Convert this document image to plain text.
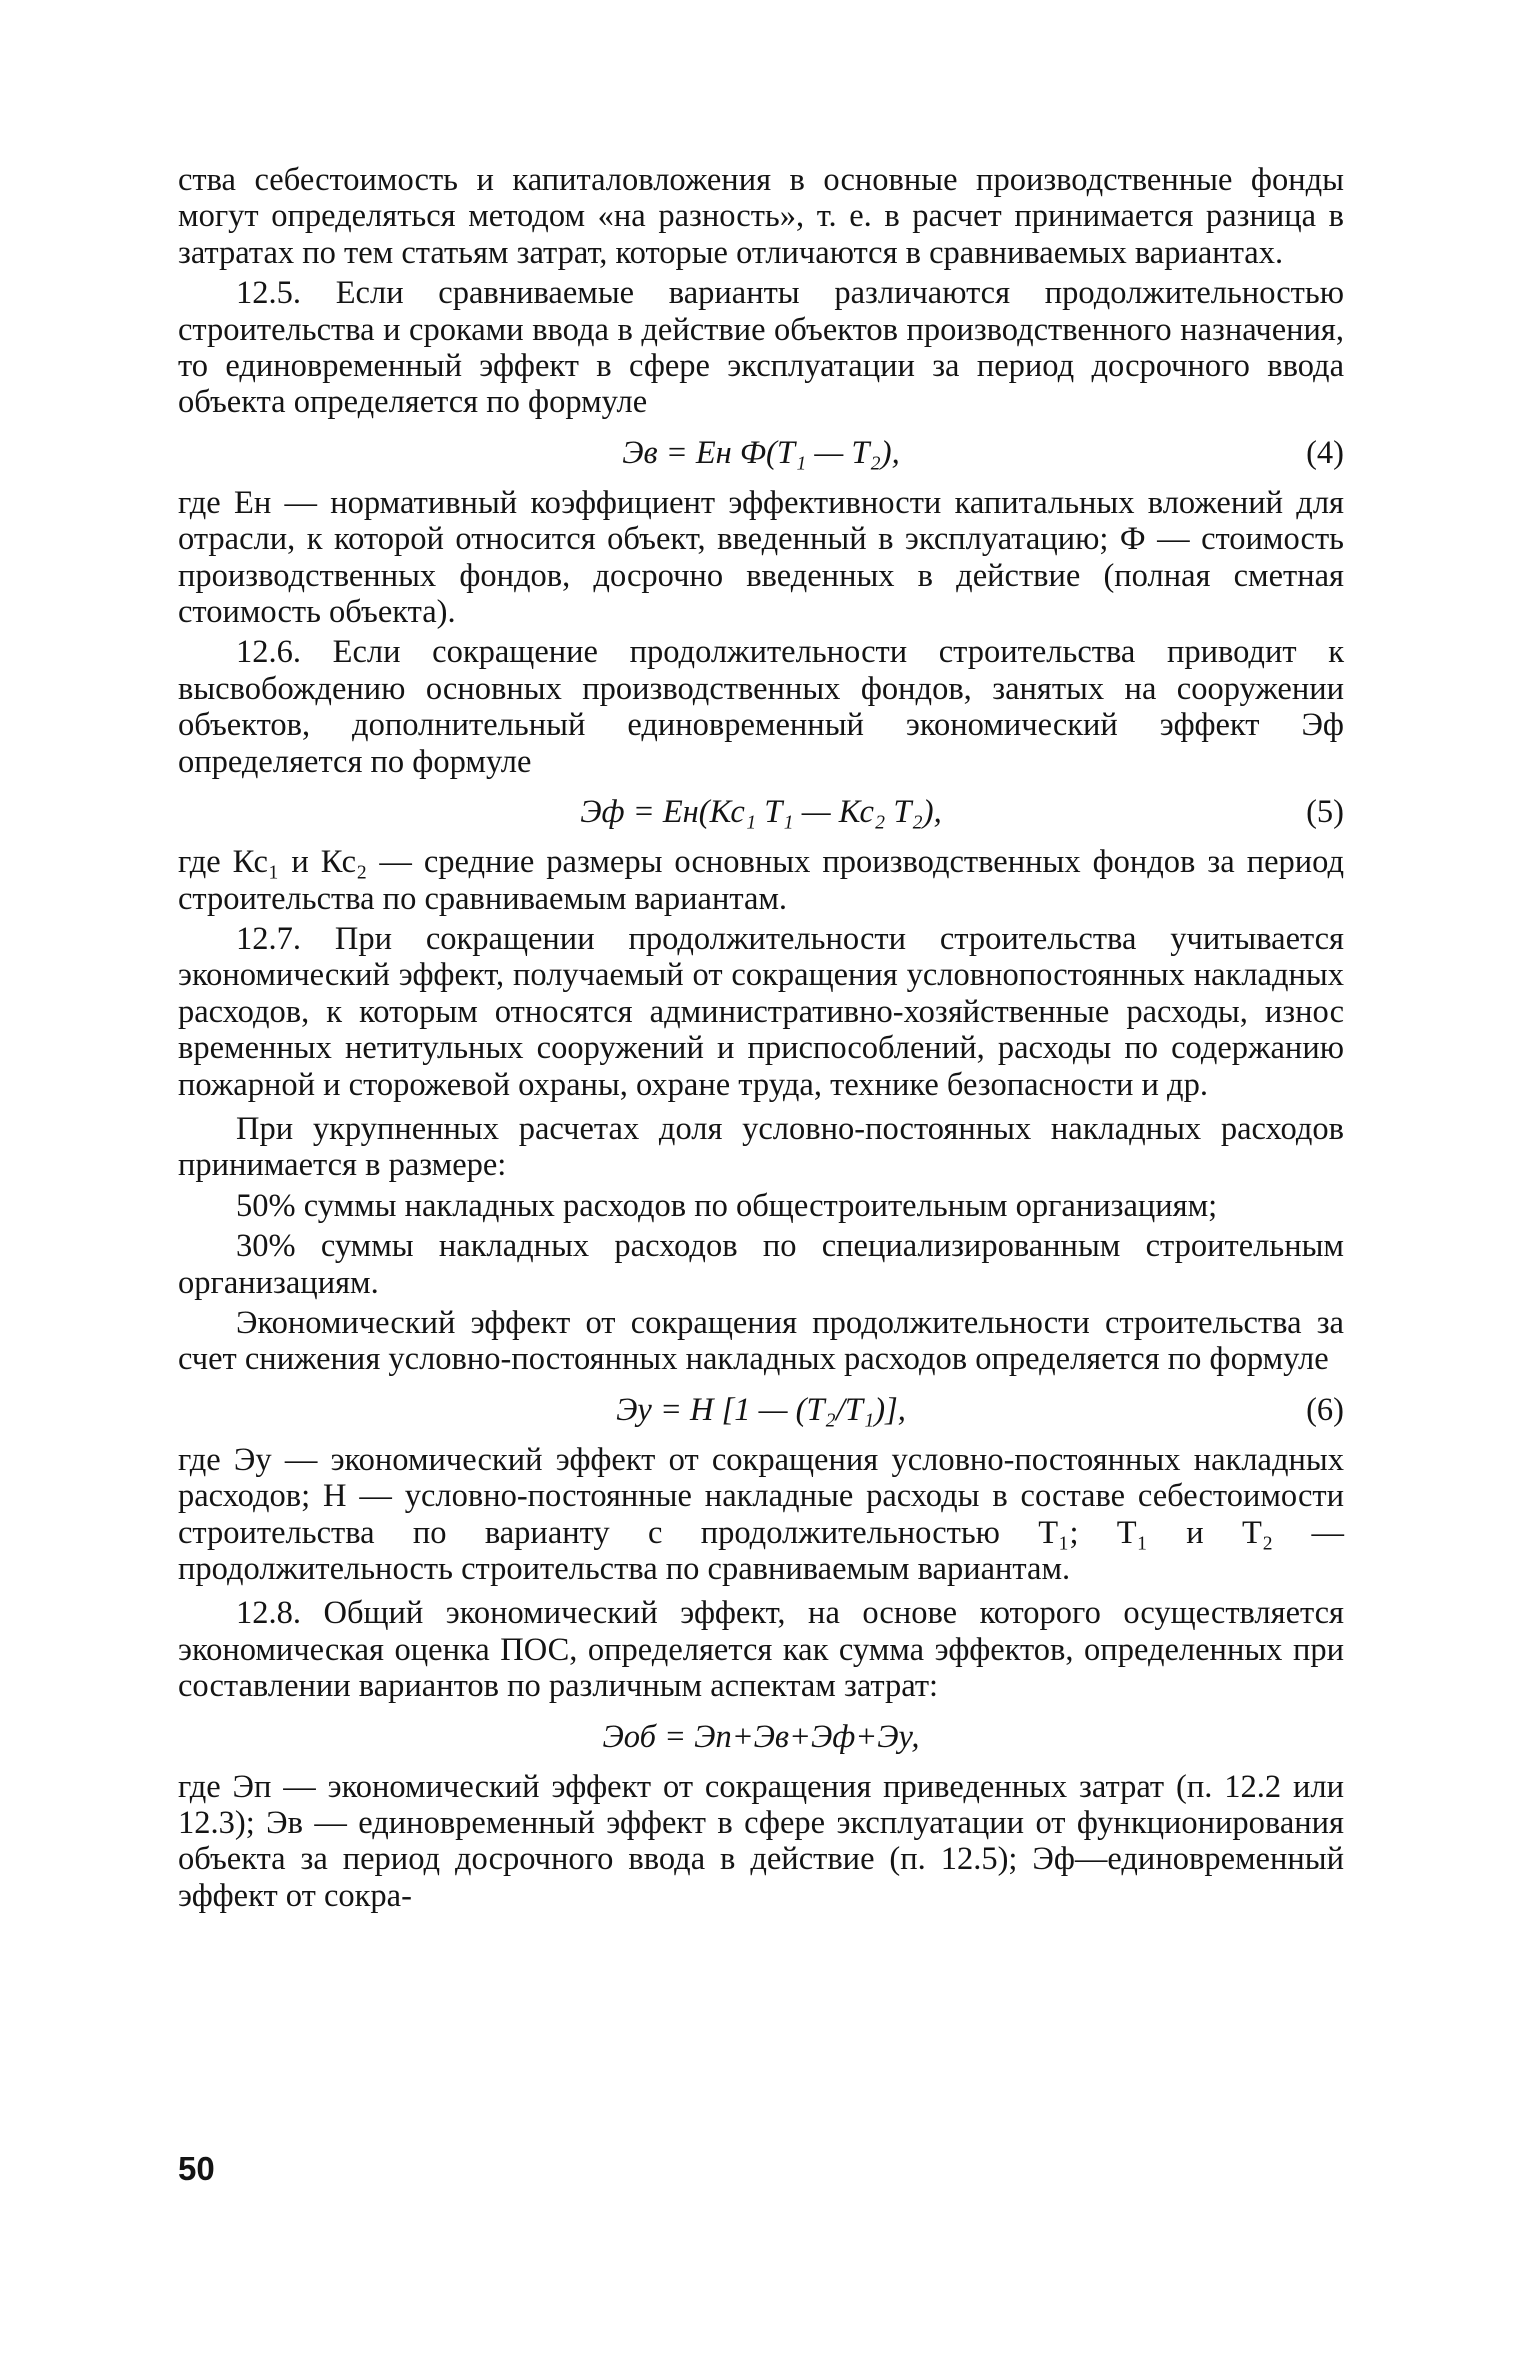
ства себестоимость и капиталовложения в основные производственные фонды могут определяться методом «на разность», т. е. в расчет принимается разница в затратах по тем статьям затрат, которые отличаются в сравниваемых вариантах.

12.5. Если сравниваемые варианты различаются продолжительностью строительства и сроками ввода в действие объектов производственного назначения, то единовременный эффект в сфере эксплуатации за период досрочного ввода объекта определяется по формуле

Эв = Ен Ф(Т₁ — Т₂),	(4)

где Ен — нормативный коэффициент эффективности капитальных вложений для отрасли, к которой относится объект, введенный в эксплуатацию; Ф — стоимость производственных фондов, досрочно введенных в действие (полная сметная стоимость объекта).

12.6. Если сокращение продолжительности строительства приводит к высвобождению основных производственных фондов, занятых на сооружении объектов, дополнительный единовременный экономический эффект Эф определяется по формуле

Эф = Ен(Кс₁ Т₁ — Кс₂ Т₂),	(5)

где Кс₁ и Кс₂ — средние размеры основных производственных фондов за период строительства по сравниваемым вариантам.

12.7. При сокращении продолжительности строительства учитывается экономический эффект, получаемый от сокращения условнопостоянных накладных расходов, к которым относятся административно-хозяйственные расходы, износ временных нетитульных сооружений и приспособлений, расходы по содержанию пожарной и сторожевой охраны, охране труда, технике безопасности и др.

При укрупненных расчетах доля условно-постоянных накладных расходов принимается в размере:

50% суммы накладных расходов по общестроительным организациям;

30% суммы накладных расходов по специализированным строительным организациям.

Экономический эффект от сокращения продолжительности строительства за счет снижения условно-постоянных накладных расходов определяется по формуле

Эу = Н [1 — (Т₂/Т₁)],	(6)

где Эу — экономический эффект от сокращения условно-постоянных накладных расходов; Н — условно-постоянные накладные расходы в составе себестоимости строительства по варианту с продолжительностью Т₁; Т₁ и Т₂ — продолжительность строительства по сравниваемым вариантам.

12.8. Общий экономический эффект, на основе которого осуществляется экономическая оценка ПОС, определяется как сумма эффектов, определенных при составлении вариантов по различным аспектам затрат:

Эоб = Эп+Эв+Эф+Эу,

где Эп — экономический эффект от сокращения приведенных затрат (п. 12.2 или 12.3); Эв — единовременный эффект в сфере эксплуатации от функционирования объекта за период досрочного ввода в действие (п. 12.5); Эф—единовременный эффект от сокра-

50
